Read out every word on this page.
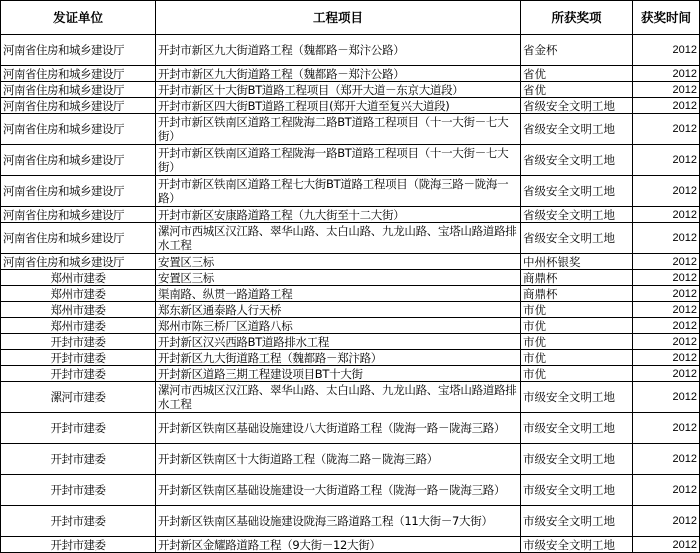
发证单位	工程项目	所获奖项	获奖时间
河南省住房和城乡建设厅	开封市新区九大街道路工程（魏都路－郑汴公路）	省金杯	2012
河南省住房和城乡建设厅	开封市新区九大街道路工程（魏都路－郑汴公路）	省优	2012
河南省住房和城乡建设厅	开封市新区十大街BT道路工程项目（郑开大道－东京大道段）	省优	2012
河南省住房和城乡建设厅	开封市新区四大街BT道路工程项目(郑开大道至复兴大道段)	省级安全文明工地	2012
河南省住房和城乡建设厅	开封市新区铁南区道路工程陇海二路BT道路工程项目（十一大街－七大街）	省级安全文明工地	2012
河南省住房和城乡建设厅	开封市新区铁南区道路工程陇海一路BT道路工程项目（十一大街－七大街）	省级安全文明工地	2012
河南省住房和城乡建设厅	开封市新区铁南区道路工程七大街BT道路工程项目（陇海三路－陇海一路）	省级安全文明工地	2012
河南省住房和城乡建设厅	开封市新区安康路道路工程（九大街至十二大街）	省级安全文明工地	2012
河南省住房和城乡建设厅	漯河市西城区汉江路、翠华山路、太白山路、九龙山路、宝塔山路道路排水工程	省级安全文明工地	2012
河南省住房和城乡建设厅	安置区三标	中州杯银奖	2012
郑州市建委	安置区三标	商鼎杯	2012
郑州市建委	渠南路、纵贯一路道路工程	商鼎杯	2012
郑州市建委	郑东新区通泰路人行天桥	市优	2012
郑州市建委	郑州市陈三桥厂区道路八标	市优	2012
开封市建委	开封新区汉兴西路BT道路排水工程	市优	2012
开封市建委	开封新区九大街道路工程（魏都路－郑汴路）	市优	2012
开封市建委	开封新区道路三期工程建设项目BT十大街	市优	2012
漯河市建委	漯河市西城区汉江路、翠华山路、太白山路、九龙山路、宝塔山路道路排水工程	市级安全文明工地	2012
开封市建委	开封新区铁南区基础设施建设八大街道路工程（陇海一路－陇海三路）	市级安全文明工地	2012
开封市建委	开封新区铁南区十大街道路工程（陇海二路－陇海三路）	市级安全文明工地	2012
开封市建委	开封新区铁南区基础设施建设一大街道路工程（陇海一路－陇海三路）	市级安全文明工地	2012
开封市建委	开封新区铁南区基础设施建设陇海三路道路工程（11大街－7大街）	市级安全文明工地	2012
开封市建委	开封新区金耀路道路工程（9大街－12大街）	市级安全文明工地	2012
